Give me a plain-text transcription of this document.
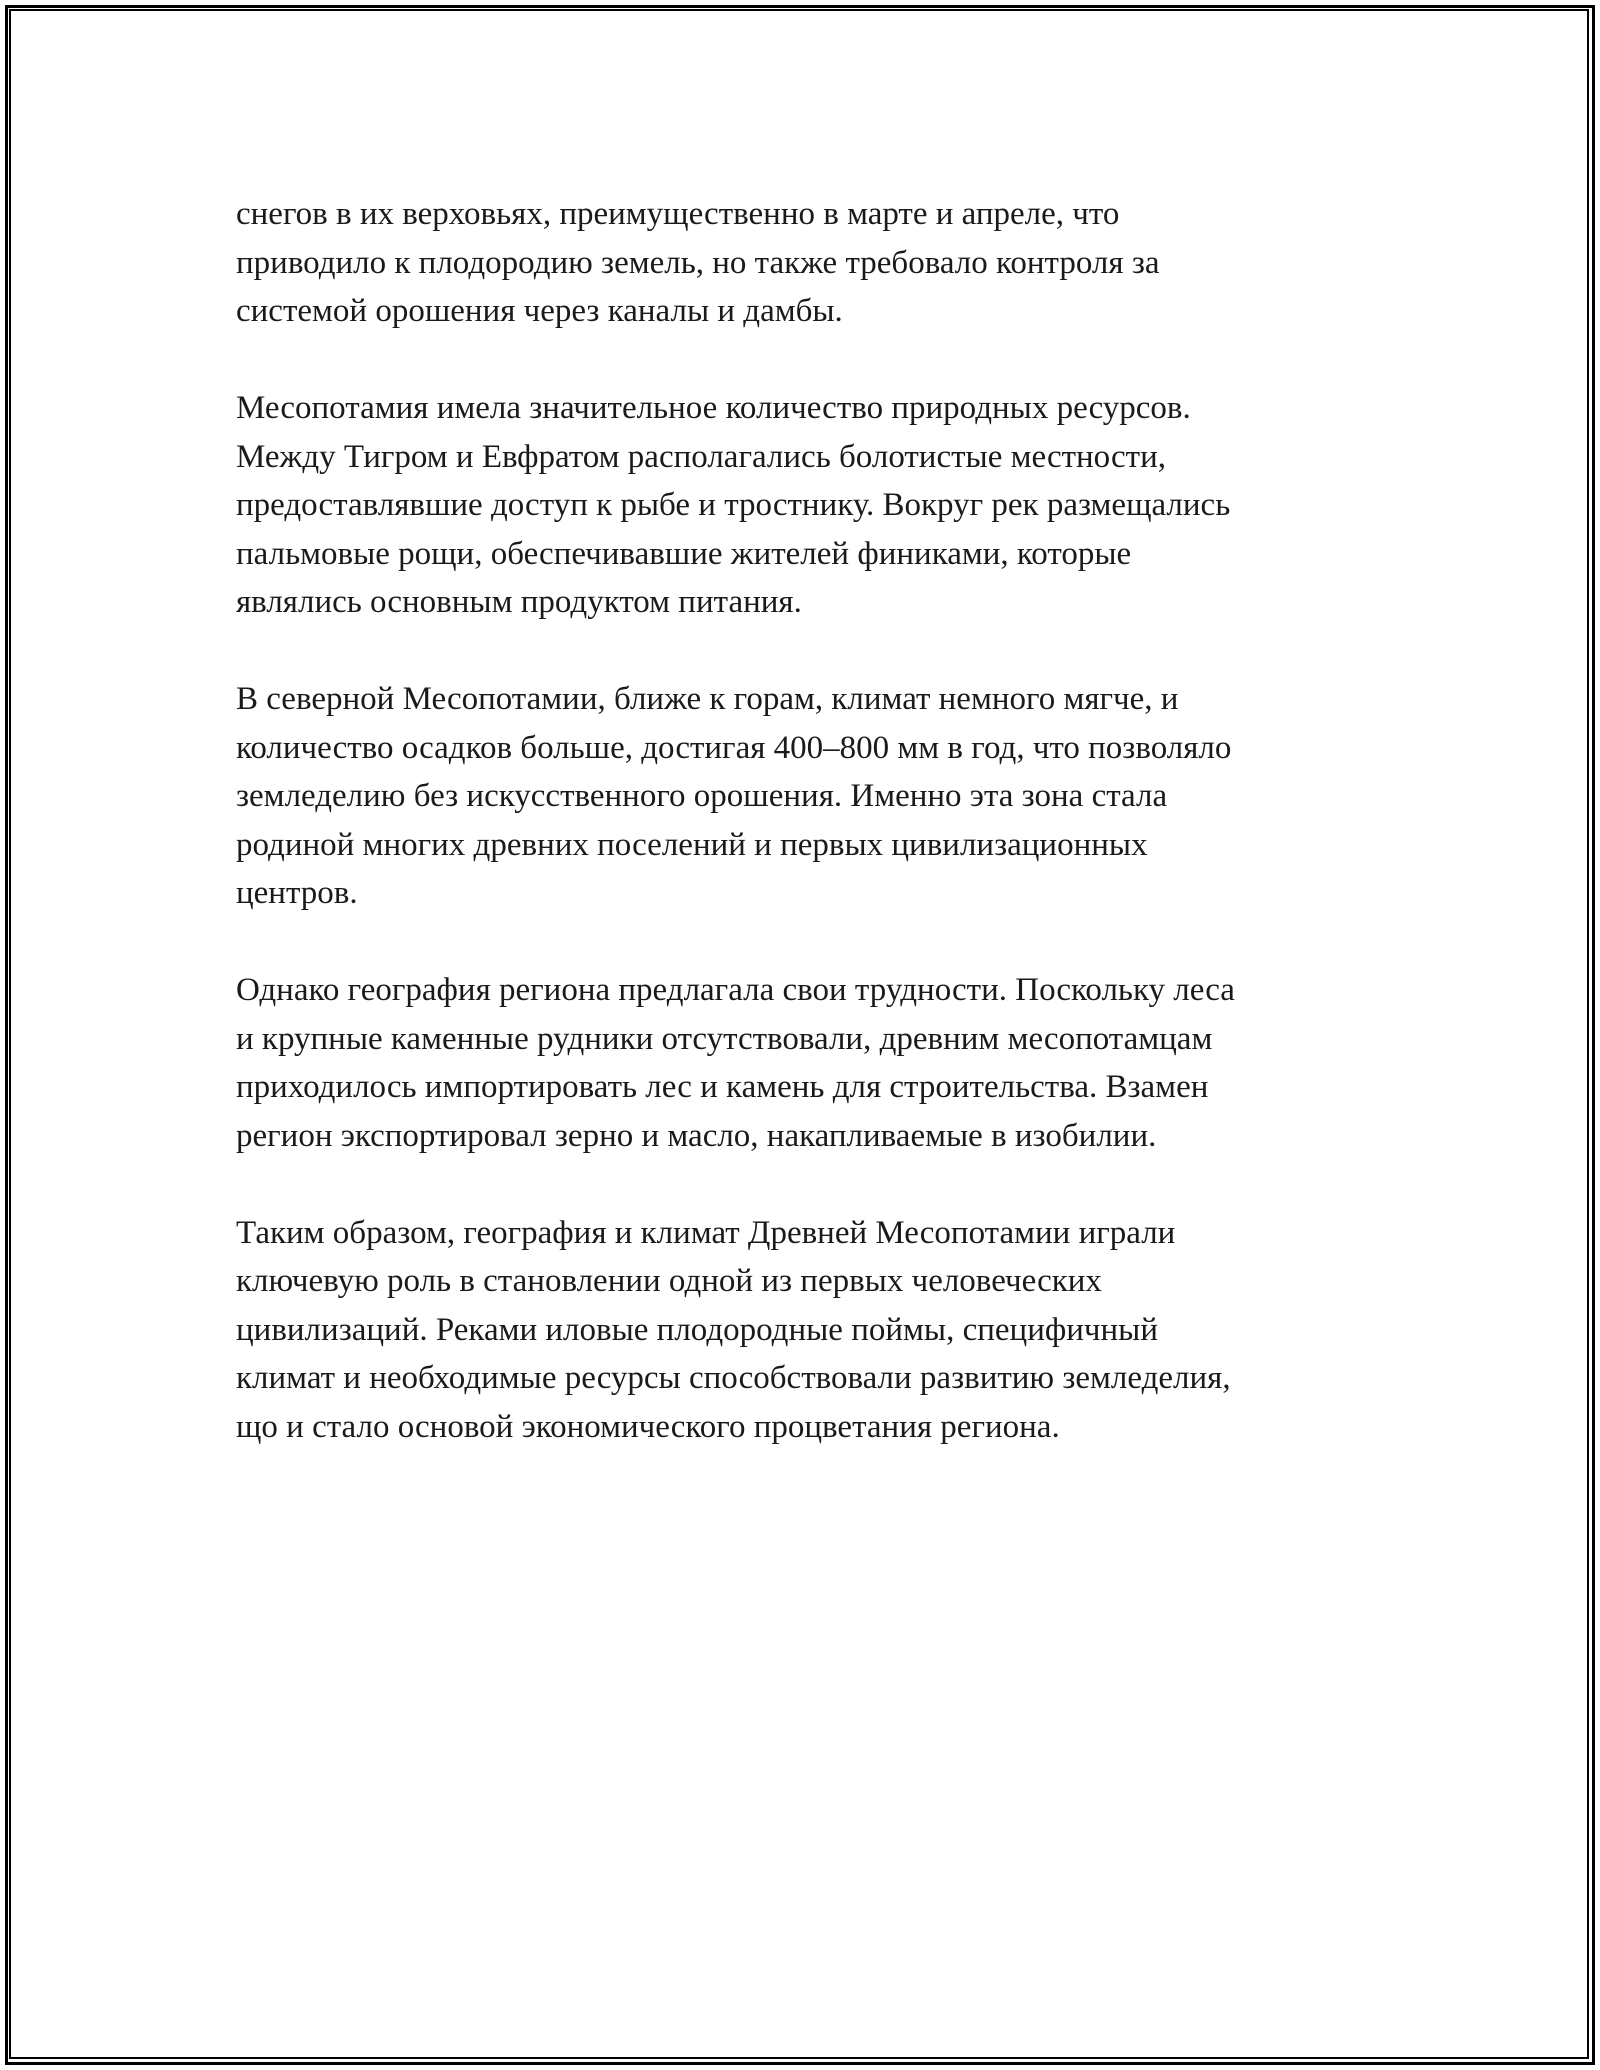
снегов в их верховьях, преимущественно в марте и апреле, что
приводило к плодородию земель, но также требовало контроля за
системой орошения через каналы и дамбы.

Месопотамия имела значительное количество природных ресурсов.
Между Тигром и Евфратом располагались болотистые местности,
предоставлявшие доступ к рыбе и тростнику. Вокруг рек размещались
пальмовые рощи, обеспечивавшие жителей финиками, которые
являлись основным продуктом питания.

В северной Месопотамии, ближе к горам, климат немного мягче, и
количество осадков больше, достигая 400–800 мм в год, что позволяло
земледелию без искусственного орошения. Именно эта зона стала
родиной многих древних поселений и первых цивилизационных
центров.

Однако география региона предлагала свои трудности. Поскольку леса
и крупные каменные рудники отсутствовали, древним месопотамцам
приходилось импортировать лес и камень для строительства. Взамен
регион экспортировал зерно и масло, накапливаемые в изобилии.

Таким образом, география и климат Древней Месопотамии играли
ключевую роль в становлении одной из первых человеческих
цивилизаций. Реками иловые плодородные поймы, специфичный
климат и необходимые ресурсы способствовали развитию земледелия,
що и стало основой экономического процветания региона.
